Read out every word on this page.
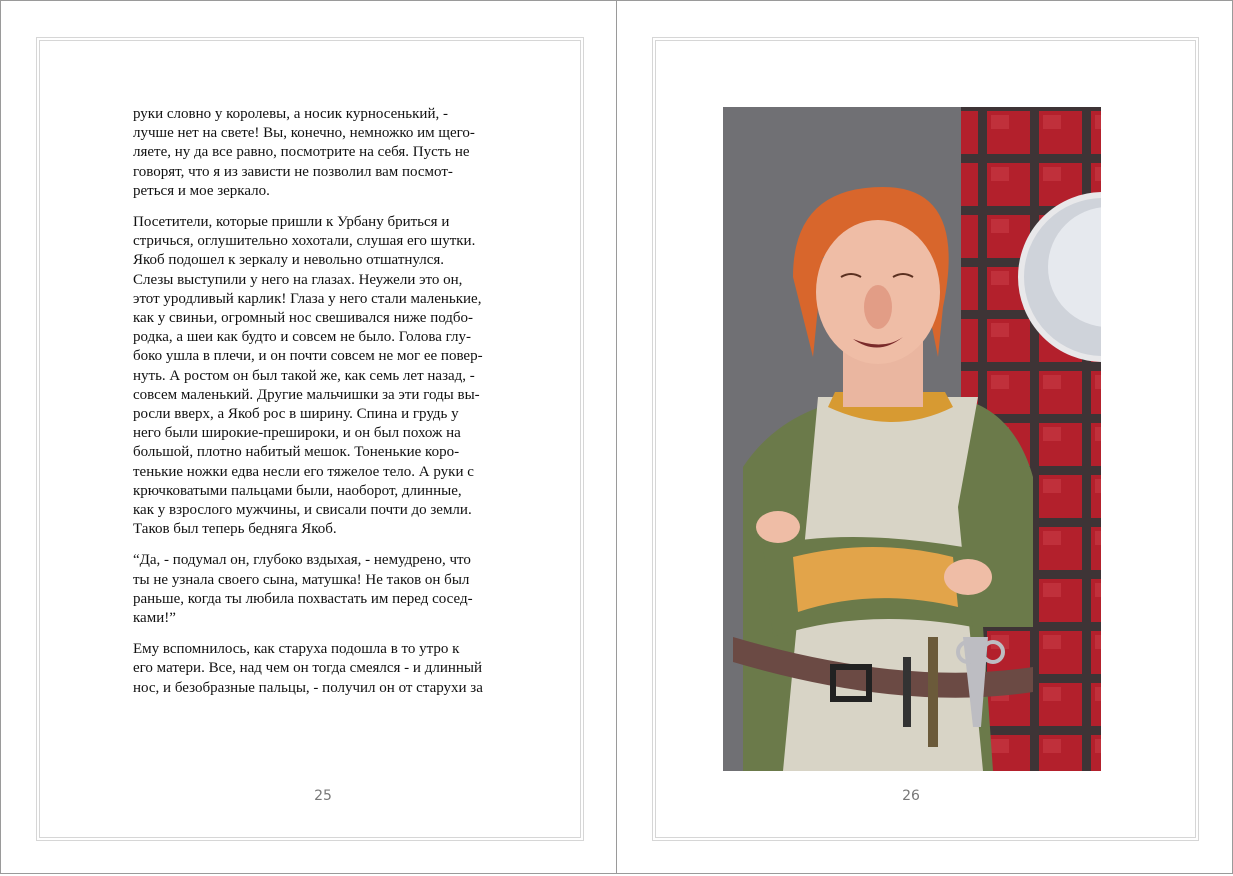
руки словно у королевы, а носик курносенький, -
лучше нет на свете! Вы, конечно, немножко им щего-
ляете, ну да все равно, посмотрите на себя. Пусть не
говорят, что я из зависти не позволил вам посмот-
реться и мое зеркало.

Посетители, которые пришли к Урбану бриться и
стричься, оглушительно хохотали, слушая его шутки.
Якоб подошел к зеркалу и невольно отшатнулся.
Слезы выступили у него на глазах. Неужели это он,
этот уродливый карлик! Глаза у него стали маленькие,
как у свиньи, огромный нос свешивался ниже подбо-
родка, а шеи как будто и совсем не было. Голова глу-
боко ушла в плечи, и он почти совсем не мог ее повер-
нуть. А ростом он был такой же, как семь лет назад, -
совсем маленький. Другие мальчишки за эти годы вы-
росли вверх, а Якоб рос в ширину. Спина и грудь у
него были широкие-прешироки, и он был похож на
большой, плотно набитый мешок. Тоненькие коро-
тенькие ножки едва несли его тяжелое тело. А руки с
крючковатыми пальцами были, наоборот, длинные,
как у взрослого мужчины, и свисали почти до земли.
Таков был теперь бедняга Якоб.

“Да, - подумал он, глубоко вздыхая, - немудрено, что
ты не узнала своего сына, матушка! Не таков он был
раньше, когда ты любила похвастать им перед сосед-
ками!”

Ему вспомнилось, как старуха подошла в то утро к
его матери. Все, над чем он тогда смеялся - и длинный
нос, и безобразные пальцы, - получил он от старухи за

25	26
